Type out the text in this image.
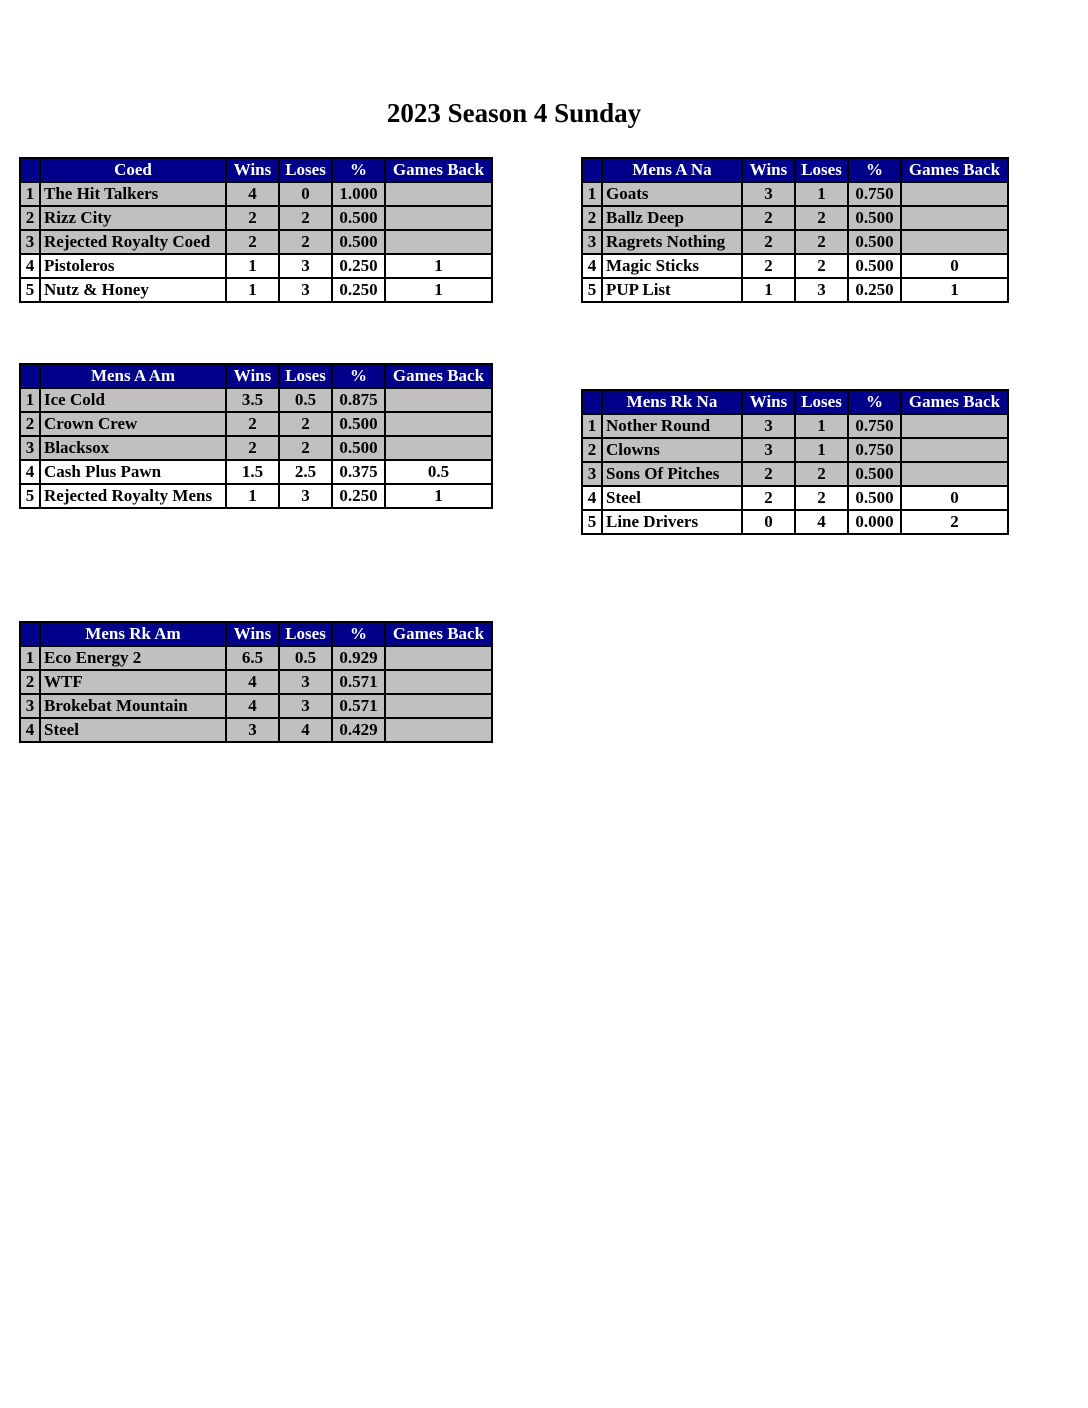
2023 Season 4 Sunday
	Coed	Wins	Loses	%	Games Back
1	The Hit Talkers	4	0	1.000	
2	Rizz City	2	2	0.500	
3	Rejected Royalty Coed	2	2	0.500	
4	Pistoleros	1	3	0.250	1
5	Nutz & Honey	1	3	0.250	1
	Mens A Na	Wins	Loses	%	Games Back
1	Goats	3	1	0.750	
2	Ballz Deep	2	2	0.500	
3	Ragrets Nothing	2	2	0.500	
4	Magic Sticks	2	2	0.500	0
5	PUP List	1	3	0.250	1
	Mens A Am	Wins	Loses	%	Games Back
1	Ice Cold	3.5	0.5	0.875	
2	Crown Crew	2	2	0.500	
3	Blacksox	2	2	0.500	
4	Cash Plus Pawn	1.5	2.5	0.375	0.5
5	Rejected Royalty Mens	1	3	0.250	1
	Mens Rk Na	Wins	Loses	%	Games Back
1	Nother Round	3	1	0.750	
2	Clowns	3	1	0.750	
3	Sons Of Pitches	2	2	0.500	
4	Steel	2	2	0.500	0
5	Line Drivers	0	4	0.000	2
	Mens Rk Am	Wins	Loses	%	Games Back
1	Eco Energy 2	6.5	0.5	0.929	
2	WTF	4	3	0.571	
3	Brokebat Mountain	4	3	0.571	
4	Steel	3	4	0.429	
